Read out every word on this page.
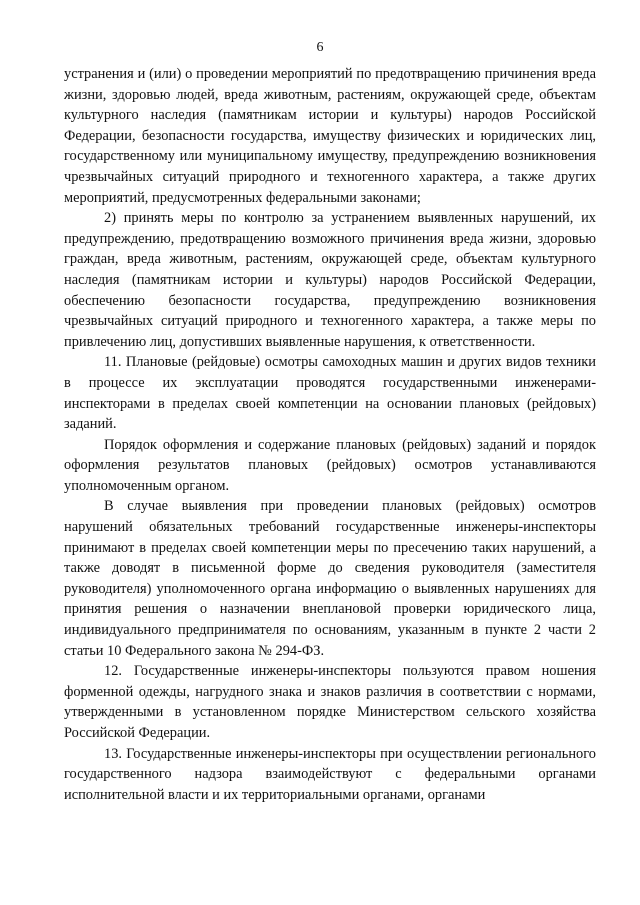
6

устранения и (или) о проведении мероприятий по предотвращению причинения вреда жизни, здоровью людей, вреда животным, растениям, окружающей среде, объектам культурного наследия (памятникам истории и культуры) народов Российской Федерации, безопасности государства, имуществу физических и юридических лиц, государственному или муниципальному имуществу, предупреждению возникновения чрезвычайных ситуаций природного и техногенного характера, а также других мероприятий, предусмотренных федеральными законами;

2) принять меры по контролю за устранением выявленных нарушений, их предупреждению, предотвращению возможного причинения вреда жизни, здоровью граждан, вреда животным, растениям, окружающей среде, объектам культурного наследия (памятникам истории и культуры) народов Российской Федерации, обеспечению безопасности государства, предупреждению возникновения чрезвычайных ситуаций природного и техногенного характера, а также меры по привлечению лиц, допустивших выявленные нарушения, к ответственности.

11. Плановые (рейдовые) осмотры самоходных машин и других видов техники в процессе их эксплуатации проводятся государственными инженерами-инспекторами в пределах своей компетенции на основании плановых (рейдовых) заданий.

Порядок оформления и содержание плановых (рейдовых) заданий и порядок оформления результатов плановых (рейдовых) осмотров устанавливаются уполномоченным органом.

В случае выявления при проведении плановых (рейдовых) осмотров нарушений обязательных требований государственные инженеры-инспекторы принимают в пределах своей компетенции меры по пресечению таких нарушений, а также доводят в письменной форме до сведения руководителя (заместителя руководителя) уполномоченного органа информацию о выявленных нарушениях для принятия решения о назначении внеплановой проверки юридического лица, индивидуального предпринимателя по основаниям, указанным в пункте 2 части 2 статьи 10 Федерального закона № 294-ФЗ.

12. Государственные инженеры-инспекторы пользуются правом ношения форменной одежды, нагрудного знака и знаков различия в соответствии с нормами, утвержденными в установленном порядке Министерством сельского хозяйства Российской Федерации.

13. Государственные инженеры-инспекторы при осуществлении регионального государственного надзора взаимодействуют с федеральными органами исполнительной власти и их территориальными органами, органами
